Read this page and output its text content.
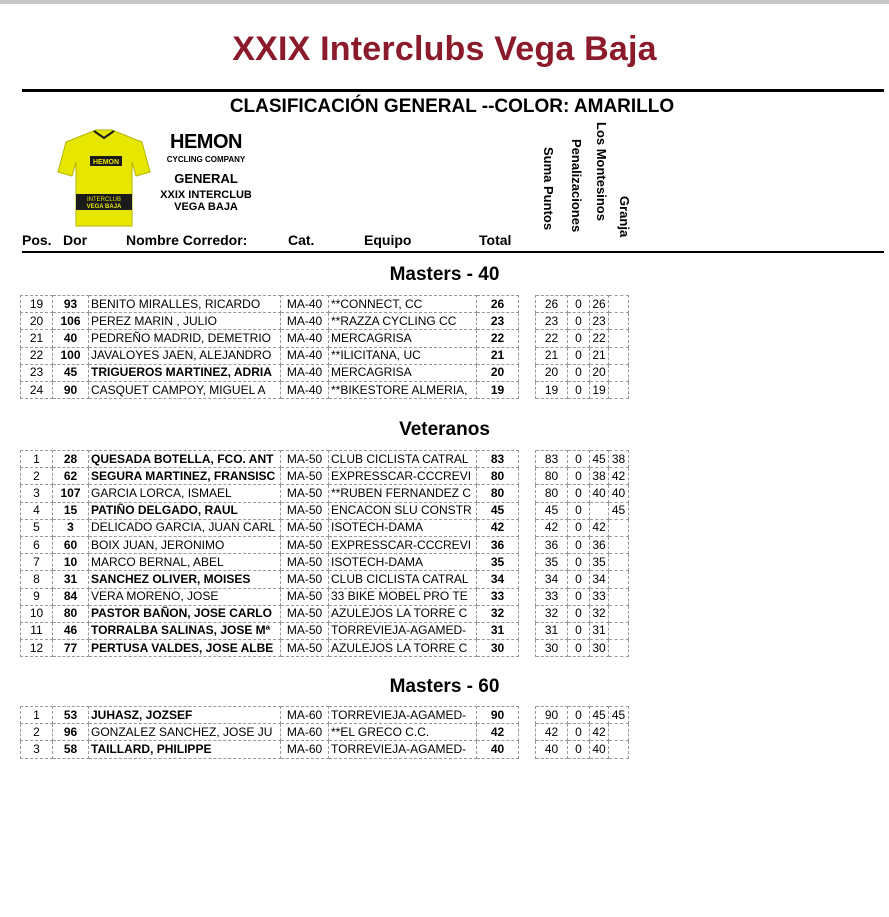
XXIX Interclubs Vega Baja
CLASIFICACIÓN GENERAL --COLOR: AMARILLO
HEMON
INTERCLUB
VEGA BAJA
HEMON
CYCLING COMPANY
GENERAL
XXIX INTERCLUB
VEGA BAJA
Pos. Dor	Nombre Corredor:	Cat.	Equipo	Total
Suma Puntos Penalizaciones Los Montesinos Granja
Masters - 40
19	93	BENITO MIRALLES, RICARDO	MA-40	**CONNECT, CC	26		26	0	26	
20	106	PEREZ MARIN , JULIO	MA-40	**RAZZA CYCLING CC	23		23	0	23	
21	40	PEDREÑO MADRID, DEMETRIO	MA-40	MERCAGRISA	22		22	0	22	
22	100	JAVALOYES JAEN, ALEJANDRO	MA-40	**ILICITANA, UC	21		21	0	21	
23	45	TRIGUEROS MARTINEZ, ADRIA	MA-40	MERCAGRISA	20		20	0	20	
24	90	CASQUET CAMPOY, MIGUEL A	MA-40	**BIKESTORE ALMERIA,	19		19	0	19	
Veteranos
1	28	QUESADA BOTELLA, FCO. ANT	MA-50	CLUB CICLISTA CATRAL	83		83	0	45	38
2	62	SEGURA MARTINEZ, FRANSISC	MA-50	EXPRESSCAR-CCCREVI	80		80	0	38	42
3	107	GARCIA LORCA, ISMAEL	MA-50	**RUBEN FERNANDEZ C	80		80	0	40	40
4	15	PATIÑO DELGADO, RAUL	MA-50	ENCACON SLU CONSTR	45		45	0		45
5	3	DELICADO GARCIA, JUAN CARL	MA-50	ISOTECH-DAMA	42		42	0	42	
6	60	BOIX JUAN, JERONIMO	MA-50	EXPRESSCAR-CCCREVI	36		36	0	36	
7	10	MARCO BERNAL, ABEL	MA-50	ISOTECH-DAMA	35		35	0	35	
8	31	SANCHEZ OLIVER, MOISES	MA-50	CLUB CICLISTA CATRAL	34		34	0	34	
9	84	VERA MORENO, JOSE	MA-50	33 BIKE MOBEL PRO TE	33		33	0	33	
10	80	PASTOR BAÑON, JOSE CARLO	MA-50	AZULEJOS LA TORRE C	32		32	0	32	
11	46	TORRALBA SALINAS, JOSE Mª	MA-50	TORREVIEJA-AGAMED-	31		31	0	31	
12	77	PERTUSA VALDES, JOSE ALBE	MA-50	AZULEJOS LA TORRE C	30		30	0	30	
Masters - 60
1	53	JUHASZ, JOZSEF	MA-60	TORREVIEJA-AGAMED-	90		90	0	45	45
2	96	GONZALEZ SANCHEZ, JOSE JU	MA-60	**EL GRECO C.C.	42		42	0	42	
3	58	TAILLARD, PHILIPPE	MA-60	TORREVIEJA-AGAMED-	40		40	0	40	
